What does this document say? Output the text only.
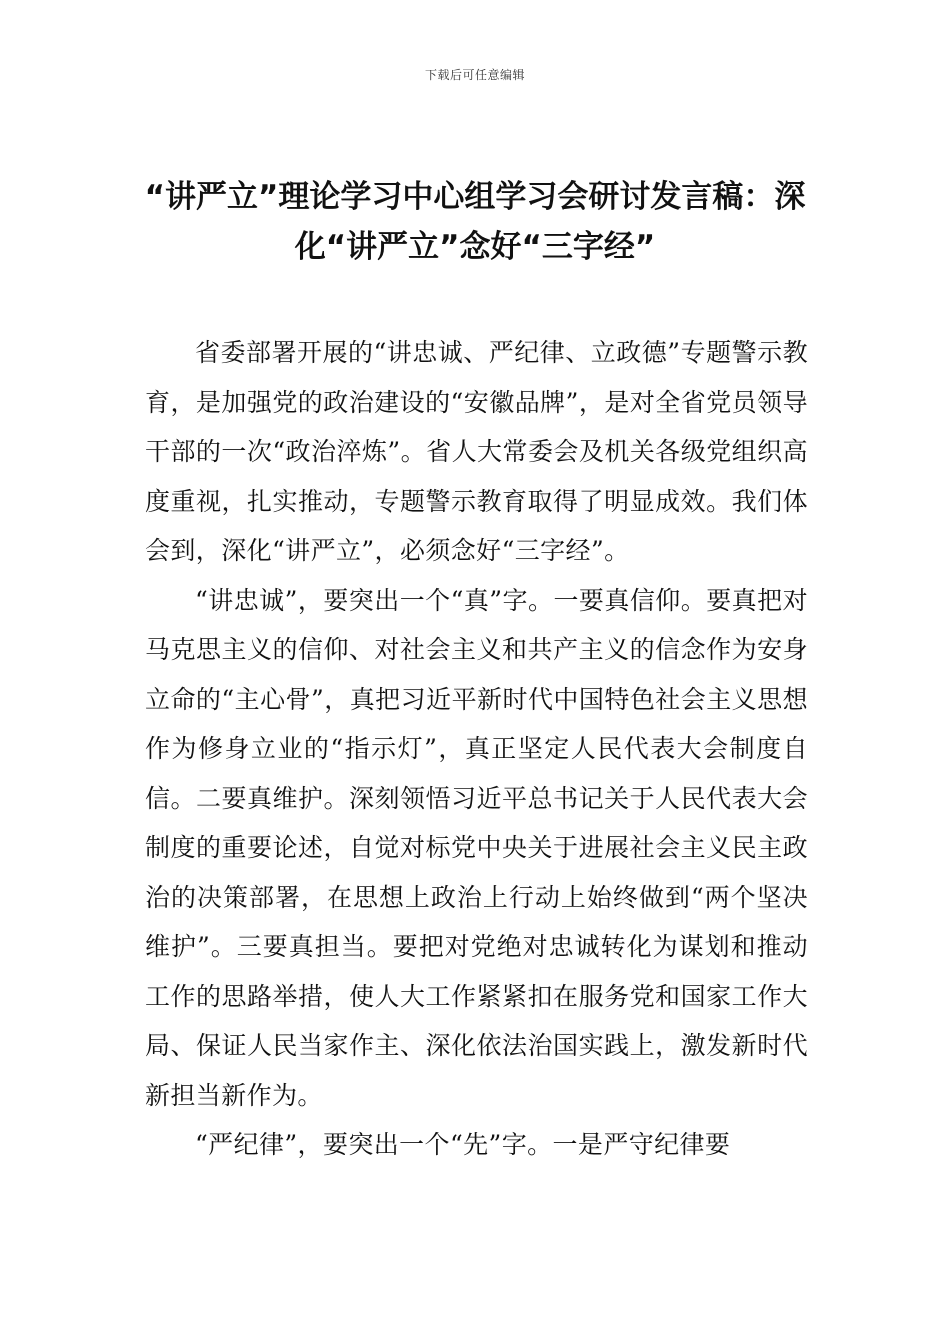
下载后可任意编辑
“讲严立”理论学习中心组学习会研讨发言稿：深化“讲严立”念好“三字经”

省委部署开展的“讲忠诚、严纪律、立政德”专题警示教育，是加强党的政治建设的“安徽品牌”，是对全省党员领导干部的一次“政治淬炼”。省人大常委会及机关各级党组织高度重视，扎实推动，专题警示教育取得了明显成效。我们体会到，深化“讲严立”，必须念好“三字经”。

“讲忠诚”，要突出一个“真”字。一要真信仰。要真把对马克思主义的信仰、对社会主义和共产主义的信念作为安身立命的“主心骨”，真把习近平新时代中国特色社会主义思想作为修身立业的“指示灯”，真正坚定人民代表大会制度自信。二要真维护。深刻领悟习近平总书记关于人民代表大会制度的重要论述，自觉对标党中央关于进展社会主义民主政治的决策部署，在思想上政治上行动上始终做到“两个坚决维护”。三要真担当。要把对党绝对忠诚转化为谋划和推动工作的思路举措，使人大工作紧紧扣在服务党和国家工作大局、保证人民当家作主、深化依法治国实践上，激发新时代新担当新作为。

“严纪律”，要突出一个“先”字。一是严守纪律要
